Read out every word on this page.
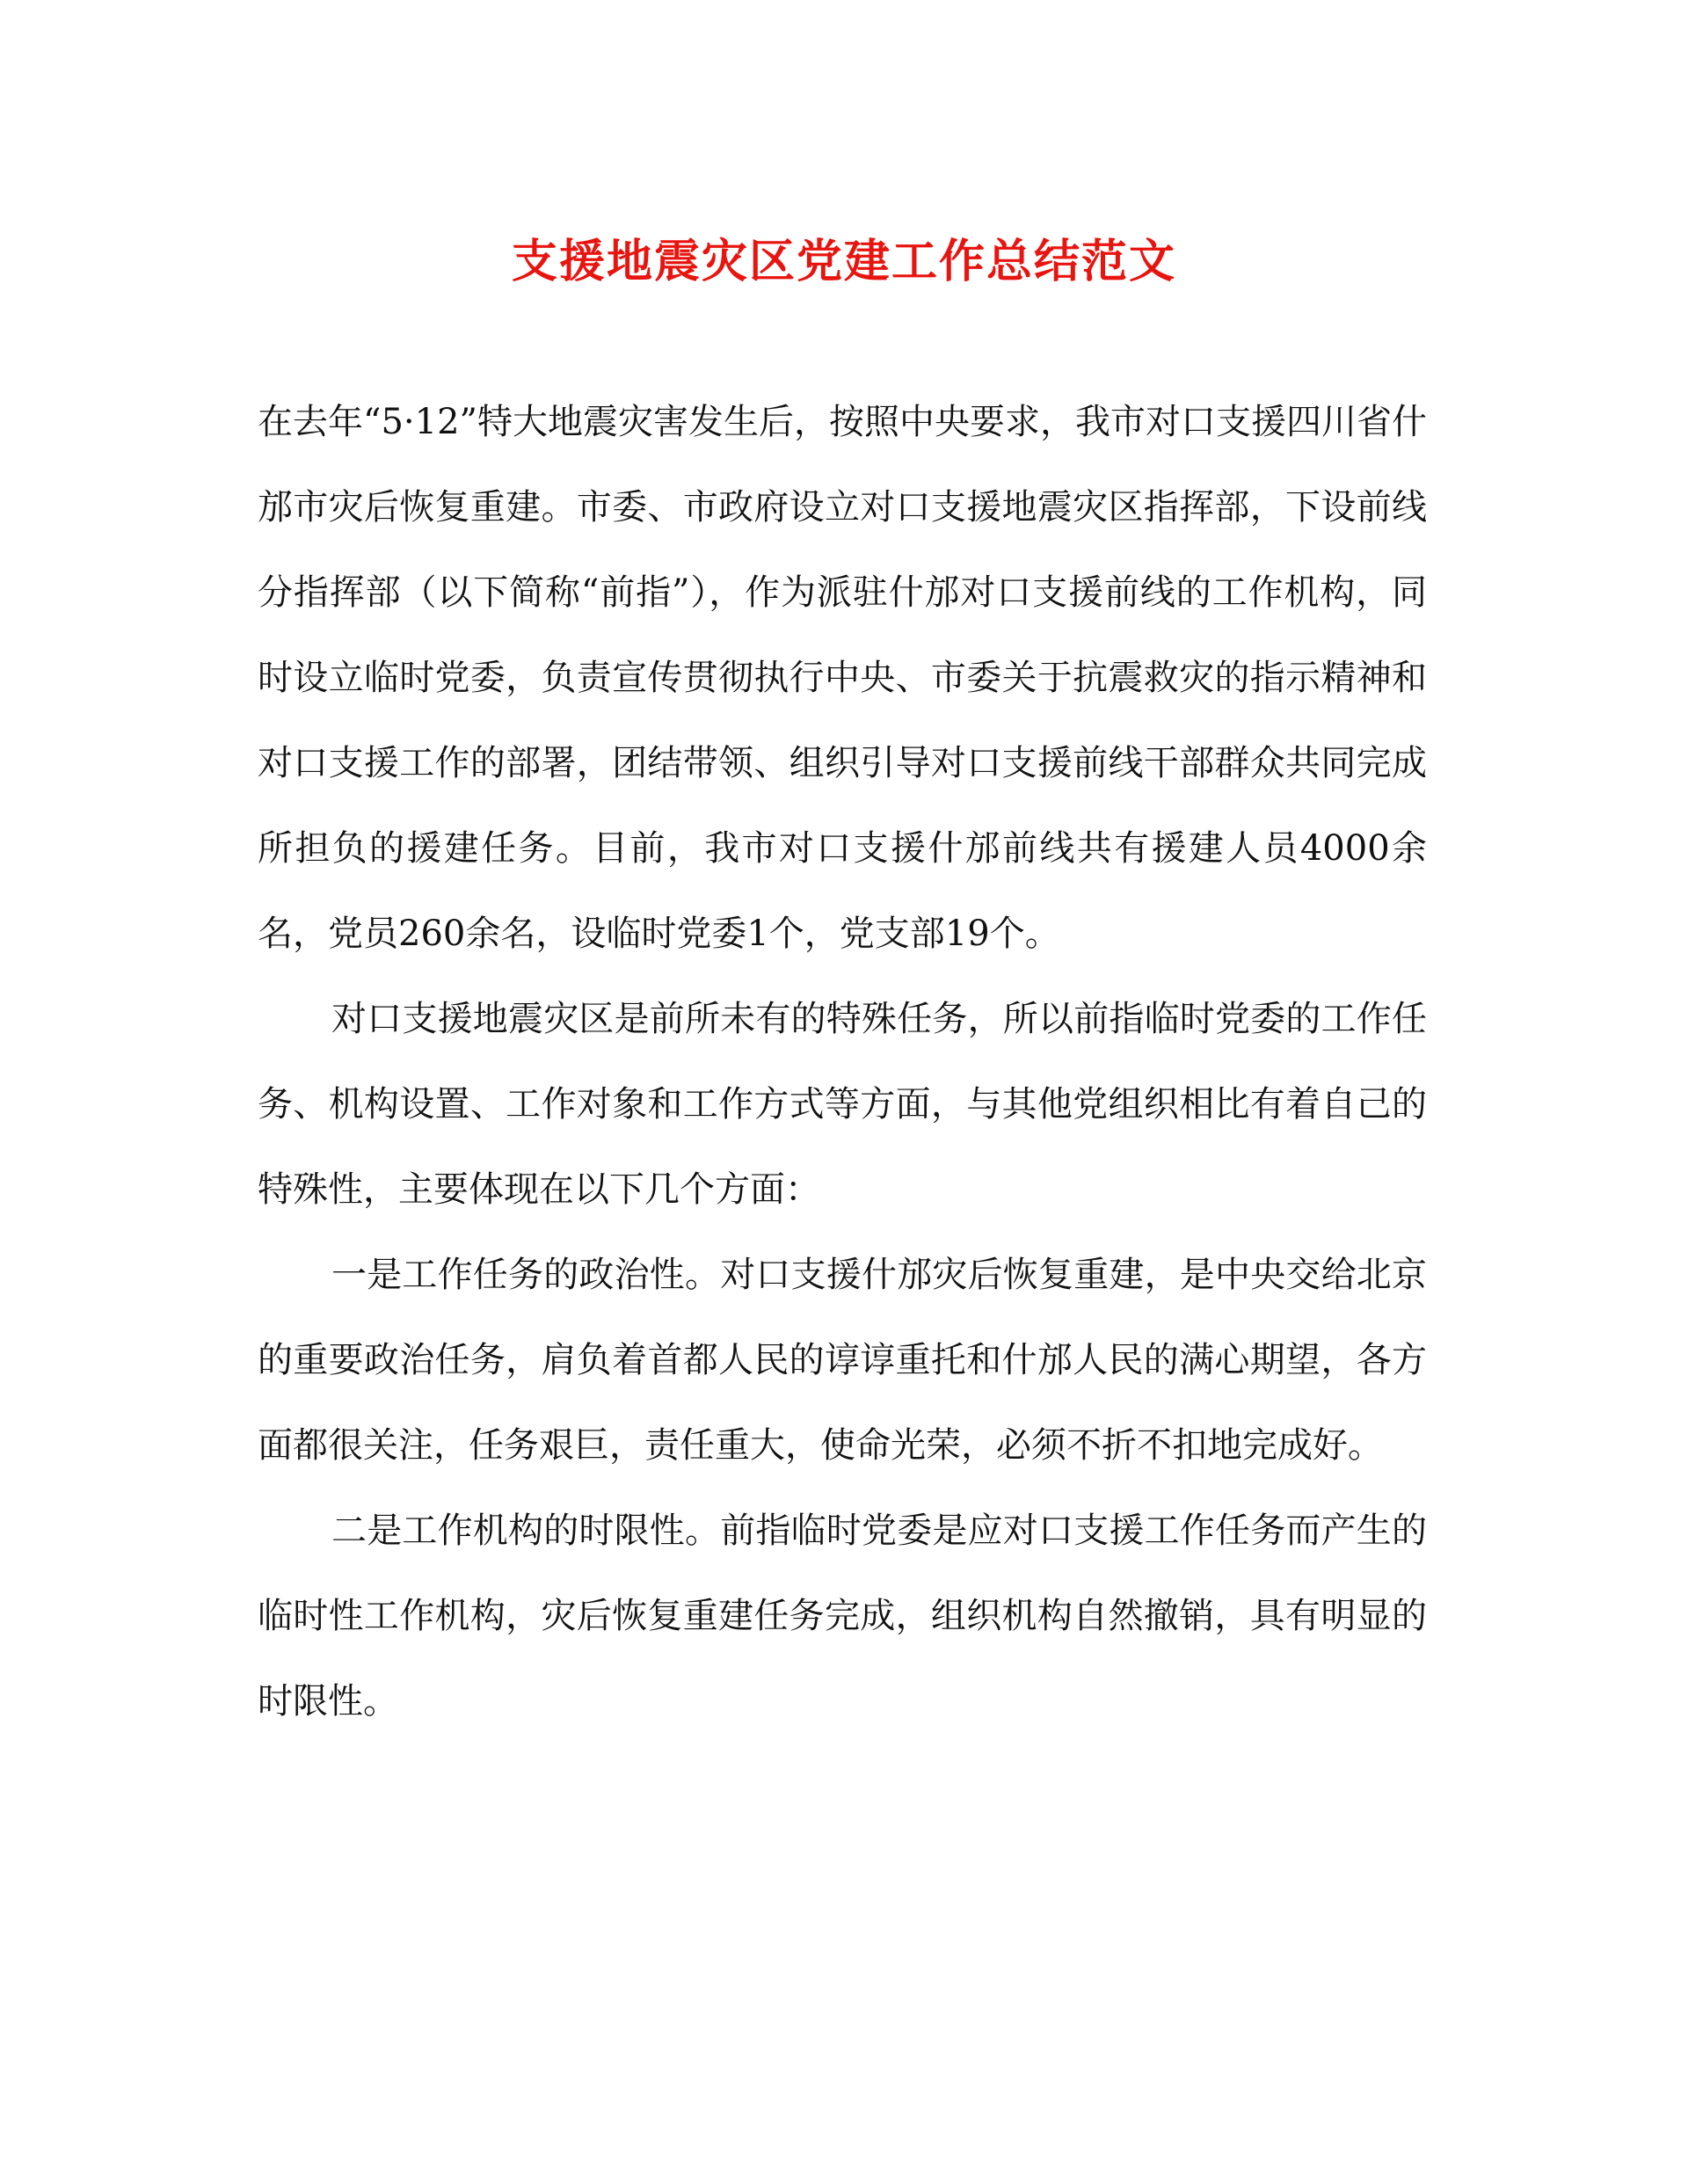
支援地震灾区党建工作总结范文

在去年“5·12”特大地震灾害发生后，按照中央要求，我市对口支援四川省什邡市灾后恢复重建。市委、市政府设立对口支援地震灾区指挥部，下设前线分指挥部（以下简称“前指”），作为派驻什邡对口支援前线的工作机构，同时设立临时党委，负责宣传贯彻执行中央、市委关于抗震救灾的指示精神和对口支援工作的部署，团结带领、组织引导对口支援前线干部群众共同完成所担负的援建任务。目前，我市对口支援什邡前线共有援建人员4000余名，党员260余名，设临时党委1个，党支部19个。

对口支援地震灾区是前所未有的特殊任务，所以前指临时党委的工作任务、机构设置、工作对象和工作方式等方面，与其他党组织相比有着自己的特殊性，主要体现在以下几个方面：

一是工作任务的政治性。对口支援什邡灾后恢复重建，是中央交给北京的重要政治任务，肩负着首都人民的谆谆重托和什邡人民的满心期望，各方面都很关注，任务艰巨，责任重大，使命光荣，必须不折不扣地完成好。

二是工作机构的时限性。前指临时党委是应对口支援工作任务而产生的临时性工作机构，灾后恢复重建任务完成，组织机构自然撤销，具有明显的时限性。
